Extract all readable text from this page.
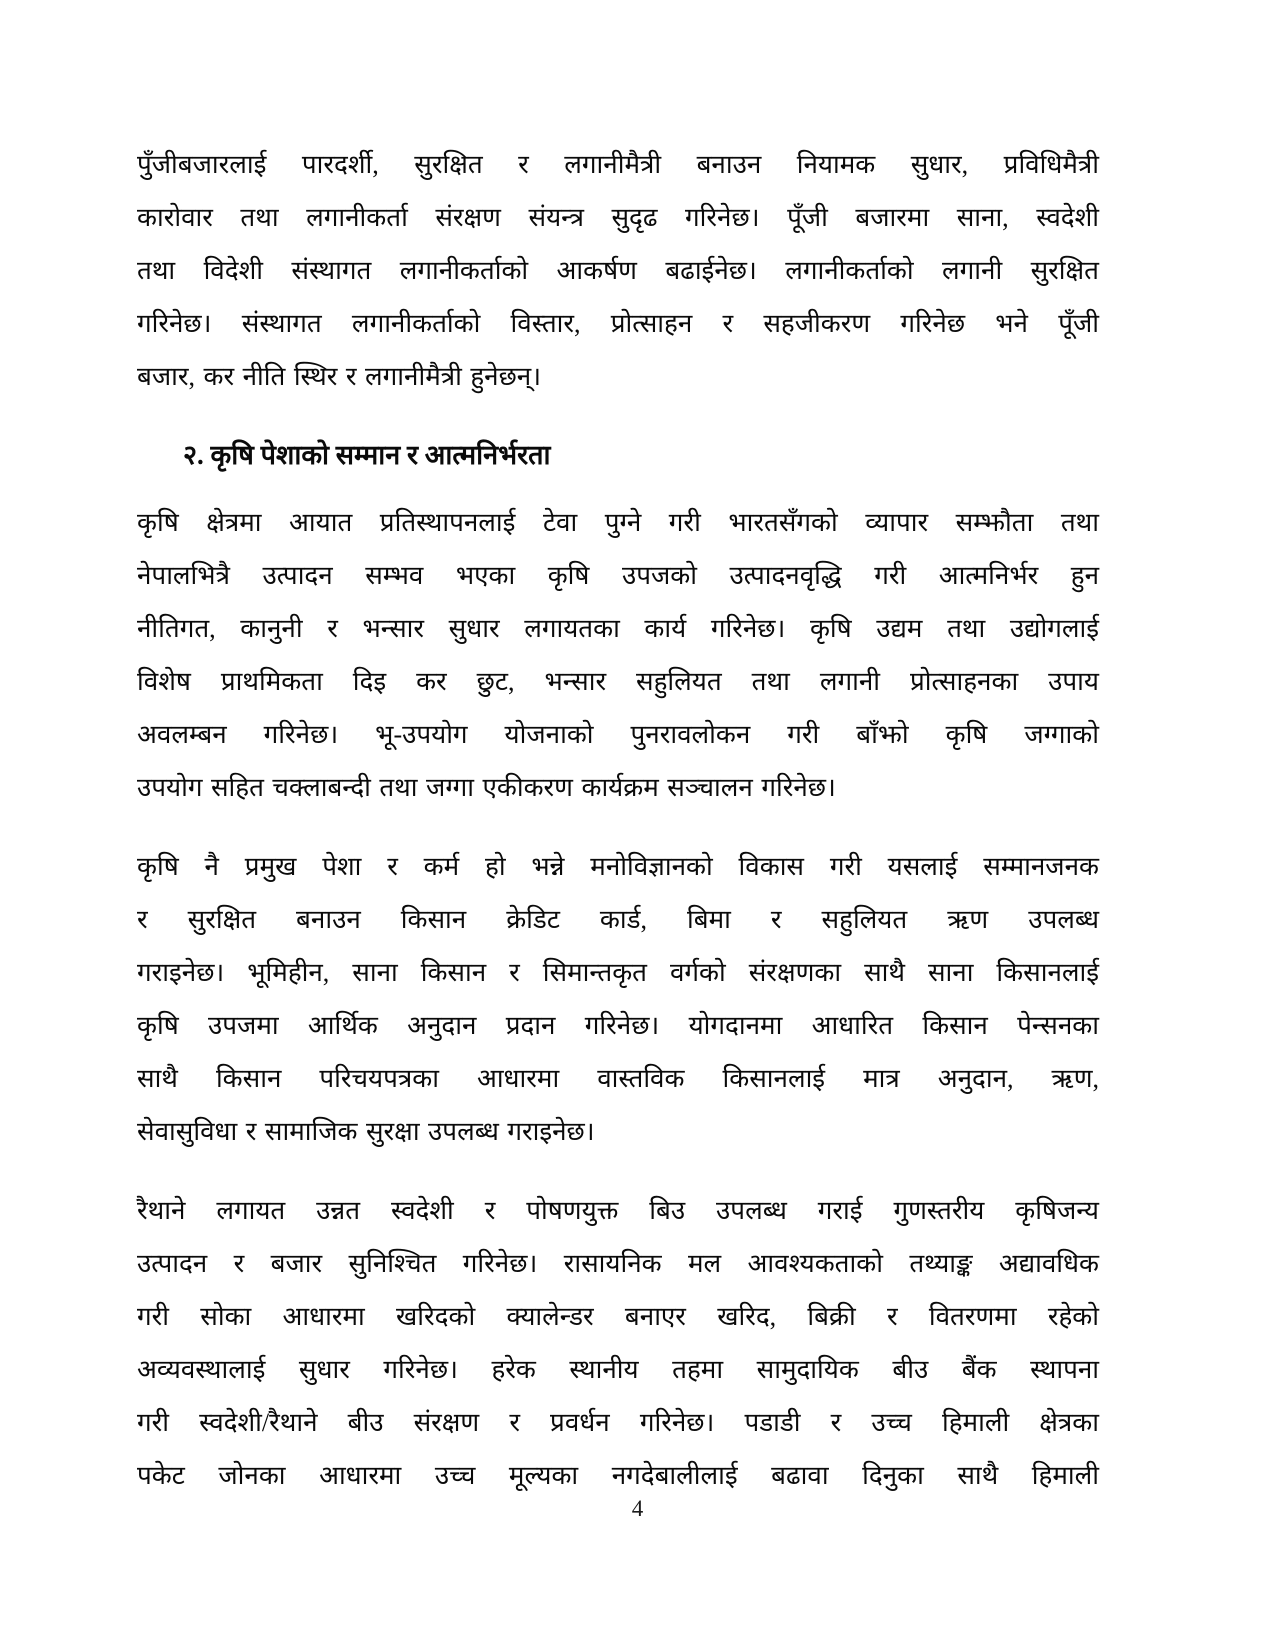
पुँजीबजारलाई पारदर्शी, सुरक्षित र लगानीमैत्री बनाउन नियामक सुधार, प्रविधिमैत्री
कारोवार तथा लगानीकर्ता संरक्षण संयन्त्र सुदृढ गरिनेछ। पूँजी बजारमा साना, स्वदेशी
तथा विदेशी संस्थागत लगानीकर्ताको आकर्षण बढाईनेछ। लगानीकर्ताको लगानी सुरक्षित
गरिनेछ। संस्थागत लगानीकर्ताको विस्तार, प्रोत्साहन र सहजीकरण गरिनेछ भने पूँजी
बजार, कर नीति स्थिर र लगानीमैत्री हुनेछन्।
२. कृषि पेशाको सम्मान र आत्मनिर्भरता
कृषि क्षेत्रमा आयात प्रतिस्थापनलाई टेवा पुग्ने गरी भारतसँगको व्यापार सम्झौता तथा
नेपालभित्रै उत्पादन सम्भव भएका कृषि उपजको उत्पादनवृद्धि गरी आत्मनिर्भर हुन
नीतिगत, कानुनी र भन्सार सुधार लगायतका कार्य गरिनेछ। कृषि उद्यम तथा उद्योगलाई
विशेष प्राथमिकता दिइ कर छुट, भन्सार सहुलियत तथा लगानी प्रोत्साहनका उपाय
अवलम्बन गरिनेछ। भू-उपयोग योजनाको पुनरावलोकन गरी बाँझो कृषि जग्गाको
उपयोग सहित चक्लाबन्दी तथा जग्गा एकीकरण कार्यक्रम सञ्चालन गरिनेछ।
कृषि नै प्रमुख पेशा र कर्म हो भन्ने मनोविज्ञानको विकास गरी यसलाई सम्मानजनक
र सुरक्षित बनाउन किसान क्रेडिट कार्ड, बिमा र सहुलियत ऋण उपलब्ध
गराइनेछ। भूमिहीन, साना किसान र सिमान्तकृत वर्गको संरक्षणका साथै साना किसानलाई
कृषि उपजमा आर्थिक अनुदान प्रदान गरिनेछ। योगदानमा आधारित किसान पेन्सनका
साथै किसान परिचयपत्रका आधारमा वास्तविक किसानलाई मात्र अनुदान, ऋण,
सेवासुविधा र सामाजिक सुरक्षा उपलब्ध गराइनेछ।
रैथाने लगायत उन्नत स्वदेशी र पोषणयुक्त बिउ उपलब्ध गराई गुणस्तरीय कृषिजन्य
उत्पादन र बजार सुनिश्चित गरिनेछ। रासायनिक मल आवश्यकताको तथ्याङ्क अद्यावधिक
गरी सोका आधारमा खरिदको क्यालेन्डर बनाएर खरिद, बिक्री र वितरणमा रहेको
अव्यवस्थालाई सुधार गरिनेछ। हरेक स्थानीय तहमा सामुदायिक बीउ बैंक स्थापना
गरी स्वदेशी/रैथाने बीउ संरक्षण र प्रवर्धन गरिनेछ। पडाडी र उच्च हिमाली क्षेत्रका
पकेट जोनका आधारमा उच्च मूल्यका नगदेबालीलाई बढावा दिनुका साथै हिमाली
4
